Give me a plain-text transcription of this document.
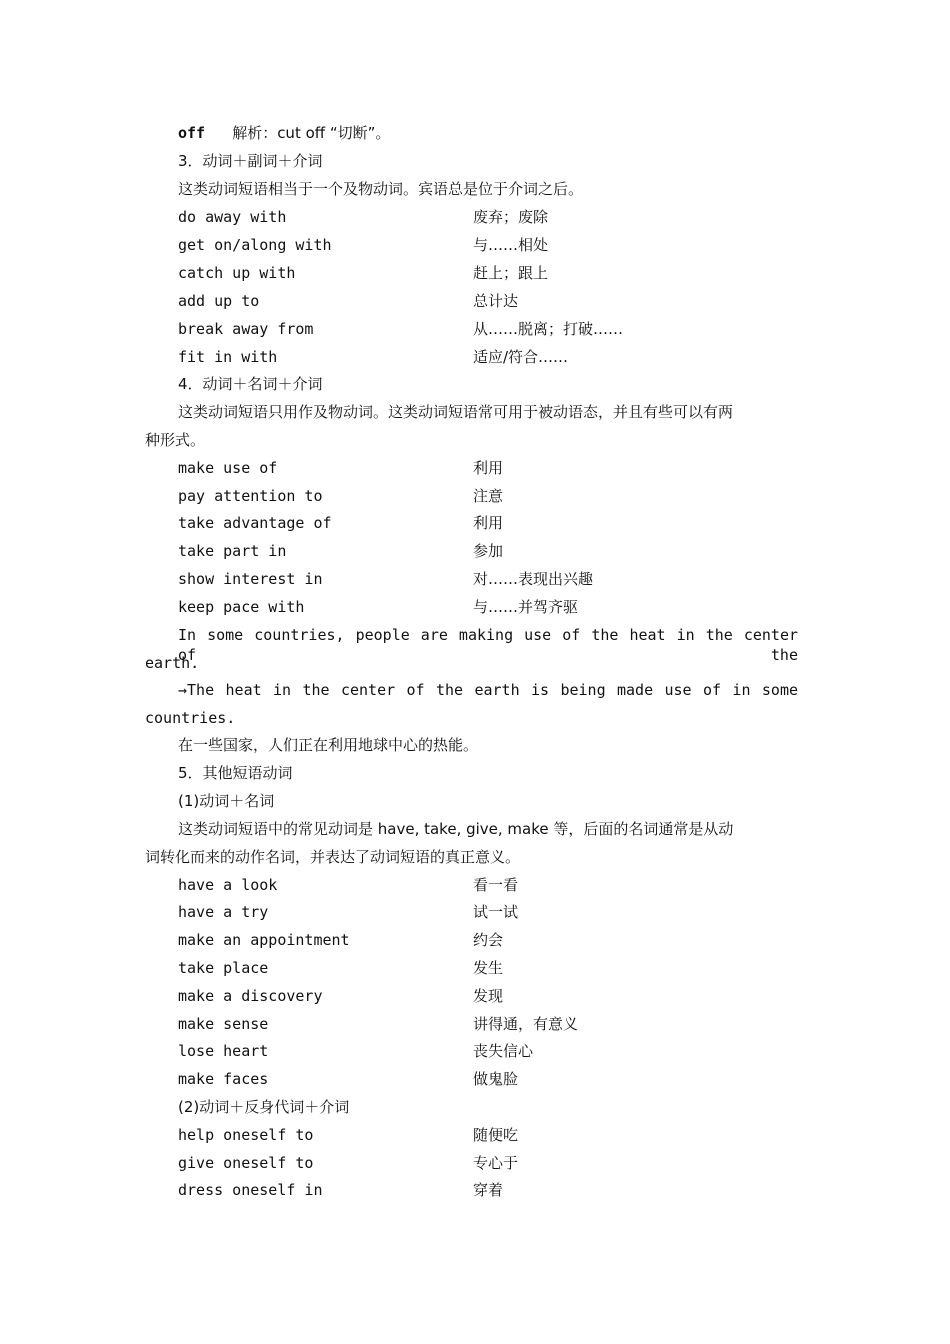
off 解析：cut off “切断”。
3．动词＋副词＋介词
这类动词短语相当于一个及物动词。宾语总是位于介词之后。
do away with	废弃；废除
get on/along with	与……相处
catch up with	赶上；跟上
add up to	总计达
break away from	从……脱离；打破……
fit in with	适应/符合……
4．动词＋名词＋介词
这类动词短语只用作及物动词。这类动词短语常可用于被动语态，并且有些可以有两
种形式。
make use of	利用
pay attention to	注意
take advantage of	利用
take part in	参加
show interest in	对……表现出兴趣
keep pace with	与……并驾齐驱
In some countries, people are making use of the heat in the center of the
earth.
→The heat in the center of the earth is being made use of in some
countries.
在一些国家，人们正在利用地球中心的热能。
5．其他短语动词
(1)动词＋名词
这类动词短语中的常见动词是 have, take, give, make 等，后面的名词通常是从动
词转化而来的动作名词，并表达了动词短语的真正意义。
have a look	看一看
have a try	试一试
make an appointment	约会
take place	发生
make a discovery	发现
make sense	讲得通，有意义
lose heart	丧失信心
make faces	做鬼脸
(2)动词＋反身代词＋介词
help oneself to	随便吃
give oneself to	专心于
dress oneself in	穿着
